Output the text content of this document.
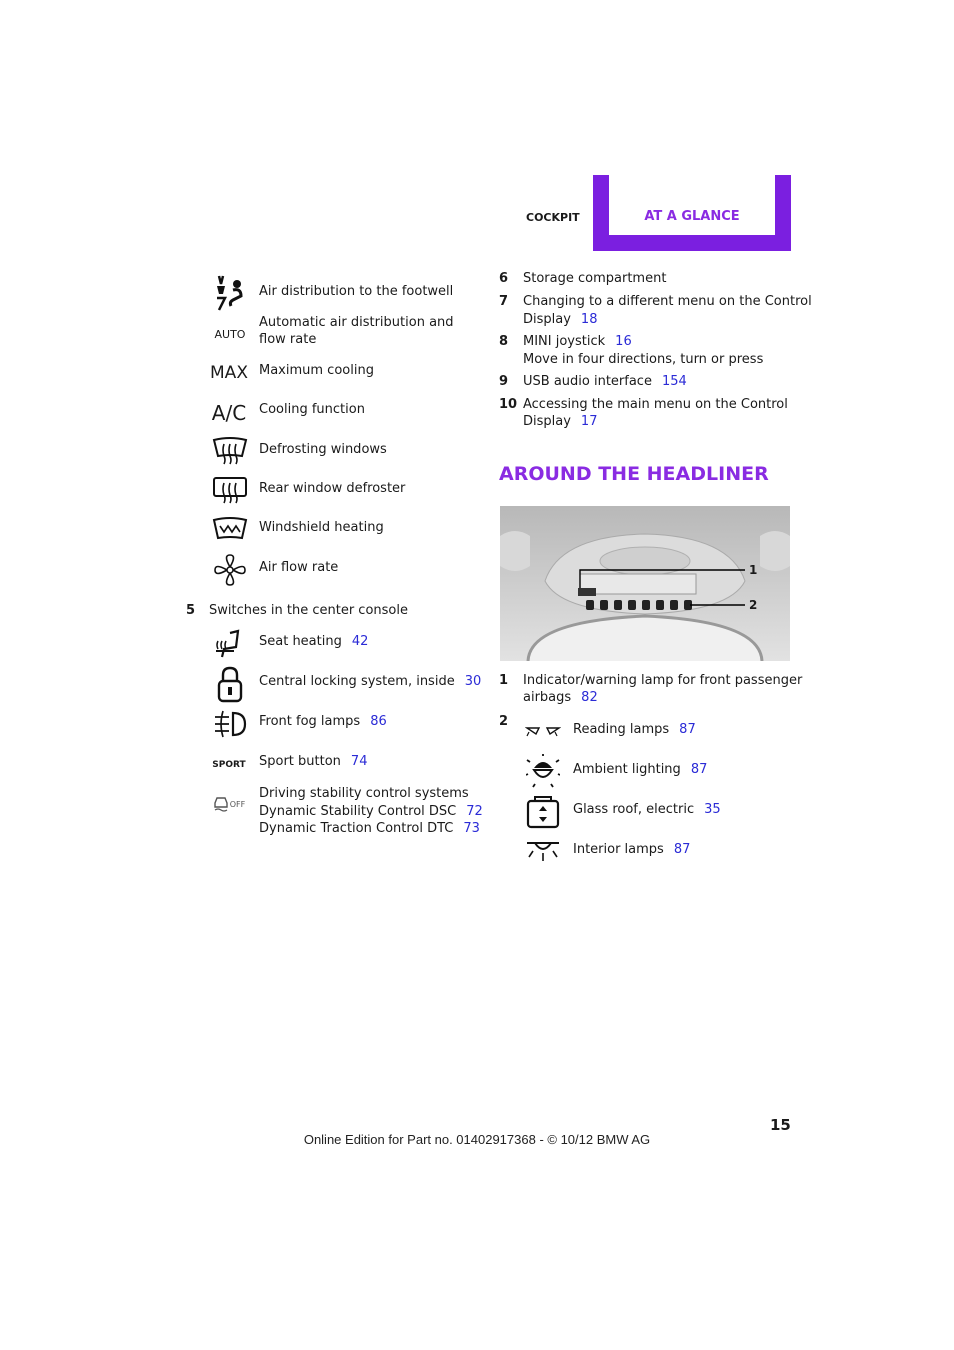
COCKPIT	AT A GLANCE
Air distribution to the footwell
AUTO
Automatic air distribution and flow rate
MAX Maximum cooling
A/C Cooling function
Defrosting windows
Rear window defroster
Windshield heating
Air flow rate
5 Switches in the center console
Seat heating 42
Central locking system, inside 30
Front fog lamps 86
SPORT	Sport button 74
OFF
Driving stability control systems
Dynamic Stability Control DSC 72
Dynamic Traction Control DTC 73
6 Storage compartment
7 Changing to a different menu on the Control
Display 18
8 MINI joystick 16
Move in four directions, turn or press
9 USB audio interface 154
10 Accessing the main menu on the Control
Display 17
AROUND THE HEADLINER
1
2
1 Indicator/warning lamp for front passenger
airbags 82
2
Reading lamps 87
Ambient lighting 87
Glass roof, electric 35
Interior lamps 87
15
Online Edition for Part no. 01402917368 - © 10/12 BMW AG
